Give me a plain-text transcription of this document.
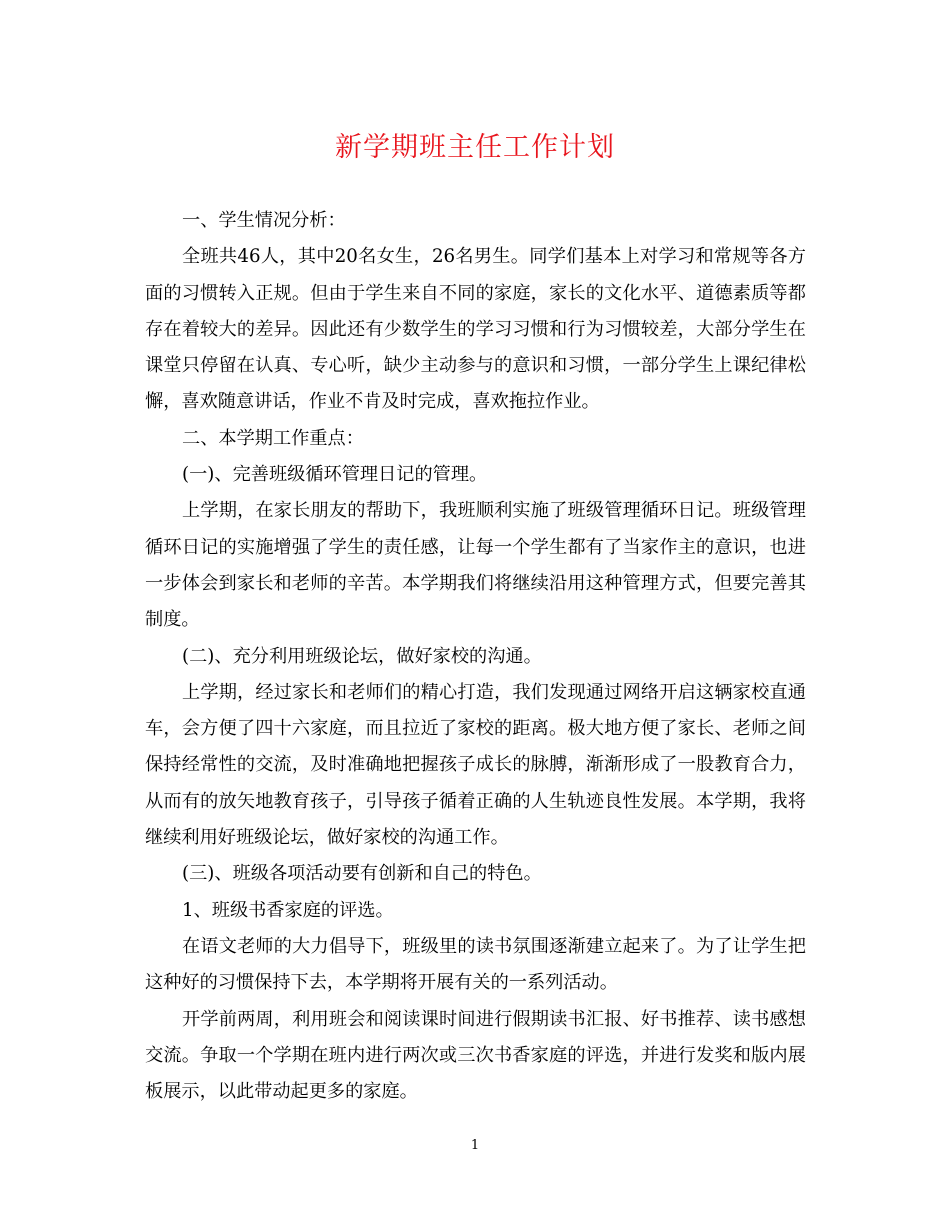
新学期班主任工作计划

一、学生情况分析：

全班共46人，其中20名女生，26名男生。同学们基本上对学习和常规等各方面的习惯转入正规。但由于学生来自不同的家庭，家长的文化水平、道德素质等都存在着较大的差异。因此还有少数学生的学习习惯和行为习惯较差，大部分学生在课堂只停留在认真、专心听，缺少主动参与的意识和习惯，一部分学生上课纪律松懈，喜欢随意讲话，作业不肯及时完成，喜欢拖拉作业。

二、本学期工作重点：

(一)、完善班级循环管理日记的管理。

上学期，在家长朋友的帮助下，我班顺利实施了班级管理循环日记。班级管理循环日记的实施增强了学生的责任感，让每一个学生都有了当家作主的意识，也进一步体会到家长和老师的辛苦。本学期我们将继续沿用这种管理方式，但要完善其制度。

(二)、充分利用班级论坛，做好家校的沟通。

上学期，经过家长和老师们的精心打造，我们发现通过网络开启这辆家校直通车，会方便了四十六家庭，而且拉近了家校的距离。极大地方便了家长、老师之间保持经常性的交流，及时准确地把握孩子成长的脉膊，渐渐形成了一股教育合力，从而有的放矢地教育孩子，引导孩子循着正确的人生轨迹良性发展。本学期，我将继续利用好班级论坛，做好家校的沟通工作。

(三)、班级各项活动要有创新和自己的特色。

1、班级书香家庭的评选。

在语文老师的大力倡导下，班级里的读书氛围逐渐建立起来了。为了让学生把这种好的习惯保持下去，本学期将开展有关的一系列活动。

开学前两周，利用班会和阅读课时间进行假期读书汇报、好书推荐、读书感想交流。争取一个学期在班内进行两次或三次书香家庭的评选，并进行发奖和版内展板展示，以此带动起更多的家庭。

1
